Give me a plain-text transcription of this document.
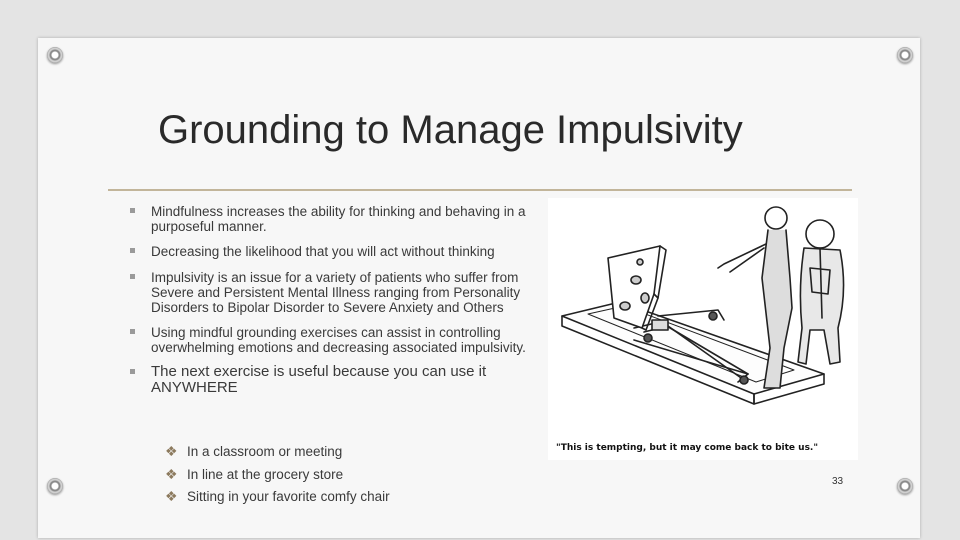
Grounding to Manage Impulsivity
Mindfulness increases the ability for thinking and behaving in a purposeful manner.
Decreasing the likelihood that you will act without thinking
Impulsivity is an issue for a variety of patients who suffer from Severe and Persistent Mental Illness ranging from Personality Disorders to Bipolar Disorder to Severe Anxiety and Others
Using mindful grounding exercises can assist in controlling overwhelming emotions and decreasing associated impulsivity.
The next exercise is useful because you can use it ANYWHERE
❖ In a classroom or meeting
❖ In line at the grocery store
❖ Sitting in your favorite comfy chair
"This is tempting, but it may come back to bite us."
33
